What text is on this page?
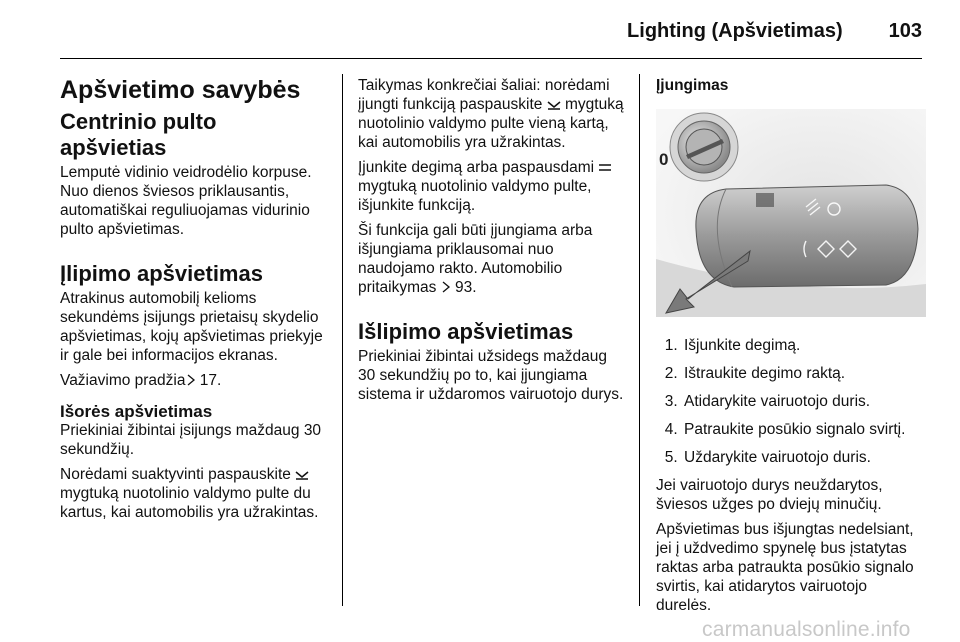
Lighting (Apšvietimas) 103
Apšvietimo savybės
Centrinio pulto apšvietias

Lemputė vidinio veidrodėlio korpuse. Nuo dienos šviesos priklausantis, automatiškai reguliuojamas vidurinio pulto apšvietimas.

Įlipimo apšvietimas

Atrakinus automobilį kelioms sekundėms įsijungs prietaisų skydelio apšvietimas, kojų apšvietimas priekyje ir gale bei informacijos ekranas.

Važiavimo pradžia 17.

Išorės apšvietimas

Priekiniai žibintai įsijungs maždaug 30 sekundžių.

Norėdami suaktyvinti paspauskite  mygtuką nuotolinio valdymo pulte du kartus, kai automobilis yra užrakintas.

Taikymas konkrečiai šaliai: norėdami įjungti funkciją paspauskite  mygtuką nuotolinio valdymo pulte vieną kartą, kai automobilis yra užrakintas.

Įjunkite degimą arba paspausdami  mygtuką nuotolinio valdymo pulte, išjunkite funkciją.

Ši funkcija gali būti įjungiama arba išjungiama priklausomai nuo naudojamo rakto. Automobilio pritaikymas  93.

Išlipimo apšvietimas

Priekiniai žibintai užsidegs maždaug 30 sekundžių po to, kai įjungiama sistema ir uždaromos vairuotojo durys.

Įjungimas
0
1. Išjunkite degimą.
2. Ištraukite degimo raktą.
3. Atidarykite vairuotojo duris.
4. Patraukite posūkio signalo svirtį.
5. Uždarykite vairuotojo duris.

Jei vairuotojo durys neuždarytos, šviesos užges po dviejų minučių.

Apšvietimas bus išjungtas nedelsiant, jei į uždvedimo spynelę bus įstatytas raktas arba patraukta posūkio signalo svirtis, kai atidarytos vairuotojo durelės.

carmanualsonline.info
